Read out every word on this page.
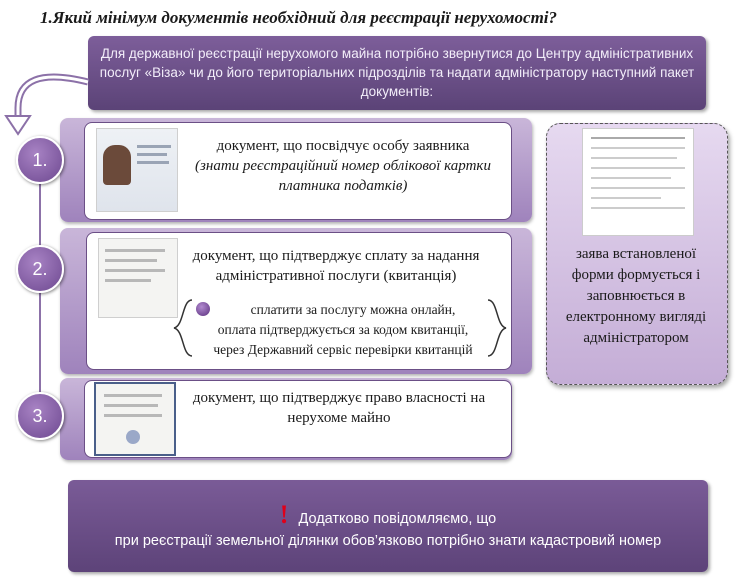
1.Який мінімум документів необхідний для реєстрації нерухомості?
Для державної реєстрації нерухомого майна потрібно звернутися до Центру адміністративних послуг «Віза» чи до його територіальних підрозділів та надати адміністратору наступний пакет документів:
1.
документ, що посвідчує особу заявника
(знати реєстраційний номер облікової картки платника податків)
2.
документ, що підтверджує сплату за надання адміністративної послуги (квитанція)
сплатити за послугу можна онлайн,
оплата підтверджується за кодом квитанції,
через Державний сервіс перевірки квитанцій
3.
документ, що підтверджує право власності на нерухоме майно
заява встановленої форми формується і заповнюється в електронному вигляді адміністратором
! Додатково повідомляємо, що
при реєстрації земельної ділянки обов’язково потрібно знати кадастровий номер
